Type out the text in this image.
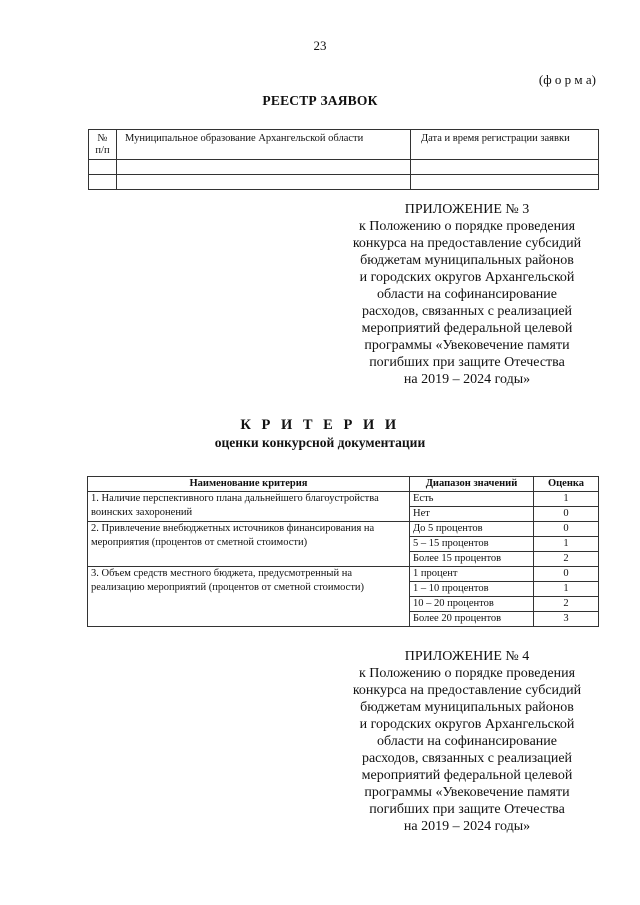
23
(ф о р м а)
РЕЕСТР ЗАЯВОК
№ п/п	Муниципальное образование Архангельской области	Дата и время регистрации заявки

ПРИЛОЖЕНИЕ № 3
к Положению о порядке проведения
конкурса на предоставление субсидий
бюджетам муниципальных районов
и городских округов Архангельской
области на софинансирование
расходов, связанных с реализацией
мероприятий федеральной целевой
программы «Увековечение памяти
погибших при защите Отечества
на 2019 – 2024 годы»
К Р И Т Е Р И И
оценки конкурсной документации
Наименование критерия	Диапазон значений	Оценка
1. Наличие перспективного плана дальнейшего благоустройства воинских захоронений	Есть	1
	Нет	0
2. Привлечение внебюджетных источников финансирования на мероприятия (процентов от сметной стоимости)	До 5 процентов	0
	5 – 15 процентов	1
	Более 15 процентов	2
3. Объем средств местного бюджета, предусмотренный на реализацию мероприятий (процентов от сметной стоимости)	1 процент	0
	1 – 10 процентов	1
	10 – 20 процентов	2
	Более 20 процентов	3
ПРИЛОЖЕНИЕ № 4
к Положению о порядке проведения
конкурса на предоставление субсидий
бюджетам муниципальных районов
и городских округов Архангельской
области на софинансирование
расходов, связанных с реализацией
мероприятий федеральной целевой
программы «Увековечение памяти
погибших при защите Отечества
на 2019 – 2024 годы»
